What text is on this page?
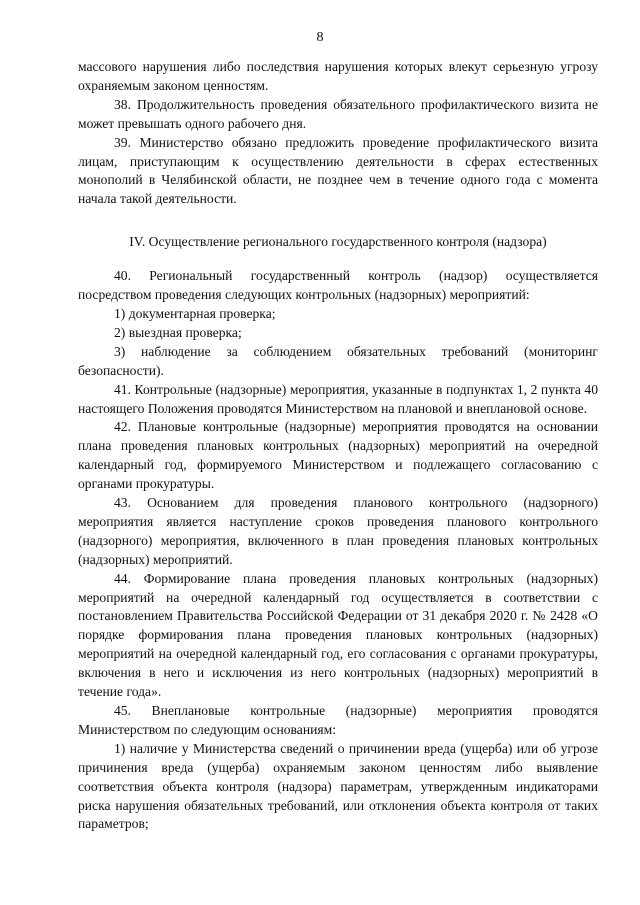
8

массового нарушения либо последствия нарушения которых влекут серьезную угрозу охраняемым законом ценностям.

38. Продолжительность проведения обязательного профилактического визита не может превышать одного рабочего дня.

39. Министерство обязано предложить проведение профилактического визита лицам, приступающим к осуществлению деятельности в сферах естественных монополий в Челябинской области, не позднее чем в течение одного года с момента начала такой деятельности.

IV. Осуществление регионального государственного контроля (надзора)

40. Региональный государственный контроль (надзор) осуществляется посредством проведения следующих контрольных (надзорных) мероприятий:

1) документарная проверка;

2) выездная проверка;

3) наблюдение за соблюдением обязательных требований (мониторинг безопасности).

41. Контрольные (надзорные) мероприятия, указанные в подпунктах 1, 2 пункта 40 настоящего Положения проводятся Министерством на плановой и внеплановой основе.

42. Плановые контрольные (надзорные) мероприятия проводятся на основании плана проведения плановых контрольных (надзорных) мероприятий на очередной календарный год, формируемого Министерством и подлежащего согласованию с органами прокуратуры.

43. Основанием для проведения планового контрольного (надзорного) мероприятия является наступление сроков проведения планового контрольного (надзорного) мероприятия, включенного в план проведения плановых контрольных (надзорных) мероприятий.

44. Формирование плана проведения плановых контрольных (надзорных) мероприятий на очередной календарный год осуществляется в соответствии с постановлением Правительства Российской Федерации от 31 декабря 2020 г. № 2428 «О порядке формирования плана проведения плановых контрольных (надзорных) мероприятий на очередной календарный год, его согласования с органами прокуратуры, включения в него и исключения из него контрольных (надзорных) мероприятий в течение года».

45. Внеплановые контрольные (надзорные) мероприятия проводятся Министерством по следующим основаниям:

1) наличие у Министерства сведений о причинении вреда (ущерба) или об угрозе причинения вреда (ущерба) охраняемым законом ценностям либо выявление соответствия объекта контроля (надзора) параметрам, утвержденным индикаторами риска нарушения обязательных требований, или отклонения объекта контроля от таких параметров;
